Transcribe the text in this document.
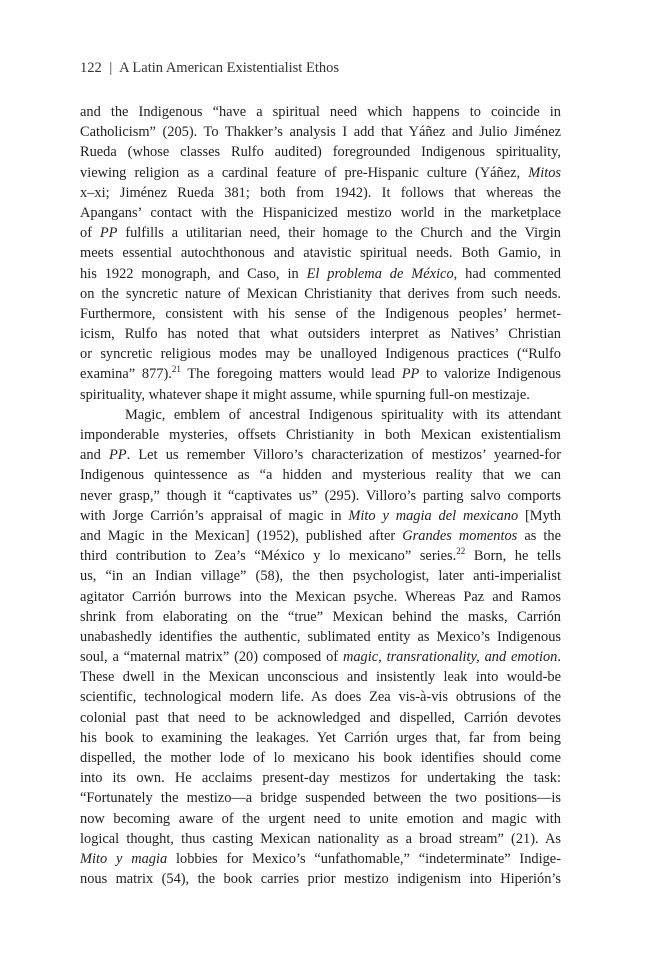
122 | A Latin American Existentialist Ethos
and the Indigenous “have a spiritual need which happens to coincide in
Catholicism” (205). To Thakker’s analysis I add that Yáñez and Julio Jiménez
Rueda (whose classes Rulfo audited) foregrounded Indigenous spirituality,
viewing religion as a cardinal feature of pre-Hispanic culture (Yáñez, Mitos
x–xi; Jiménez Rueda 381; both from 1942). It follows that whereas the
Apangans’ contact with the Hispanicized mestizo world in the marketplace
of PP fulfills a utilitarian need, their homage to the Church and the Virgin
meets essential autochthonous and atavistic spiritual needs. Both Gamio, in
his 1922 monograph, and Caso, in El problema de México, had commented
on the syncretic nature of Mexican Christianity that derives from such needs.
Furthermore, consistent with his sense of the Indigenous peoples’ hermet-
icism, Rulfo has noted that what outsiders interpret as Natives’ Christian
or syncretic religious modes may be unalloyed Indigenous practices (“Rulfo
examina” 877).$^{21}$ The foregoing matters would lead PP to valorize Indigenous
spirituality, whatever shape it might assume, while spurning full-on mestizaje.
Magic, emblem of ancestral Indigenous spirituality with its attendant
imponderable mysteries, offsets Christianity in both Mexican existentialism
and PP. Let us remember Villoro’s characterization of mestizos’ yearned-for
Indigenous quintessence as “a hidden and mysterious reality that we can
never grasp,” though it “captivates us” (295). Villoro’s parting salvo comports
with Jorge Carrión’s appraisal of magic in Mito y magia del mexicano [Myth
and Magic in the Mexican] (1952), published after Grandes momentos as the
third contribution to Zea’s “México y lo mexicano” series.$^{22}$ Born, he tells
us, “in an Indian village” (58), the then psychologist, later anti-imperialist
agitator Carrión burrows into the Mexican psyche. Whereas Paz and Ramos
shrink from elaborating on the “true” Mexican behind the masks, Carrión
unabashedly identifies the authentic, sublimated entity as Mexico’s Indigenous
soul, a “maternal matrix” (20) composed of magic, transrationality, and emotion.
These dwell in the Mexican unconscious and insistently leak into would-be
scientific, technological modern life. As does Zea vis-à-vis obtrusions of the
colonial past that need to be acknowledged and dispelled, Carrión devotes
his book to examining the leakages. Yet Carrión urges that, far from being
dispelled, the mother lode of lo mexicano his book identifies should come
into its own. He acclaims present-day mestizos for undertaking the task:
“Fortunately the mestizo—a bridge suspended between the two positions—is
now becoming aware of the urgent need to unite emotion and magic with
logical thought, thus casting Mexican nationality as a broad stream” (21). As
Mito y magia lobbies for Mexico’s “unfathomable,” “indeterminate” Indige-
nous matrix (54), the book carries prior mestizo indigenism into Hiperión’s
